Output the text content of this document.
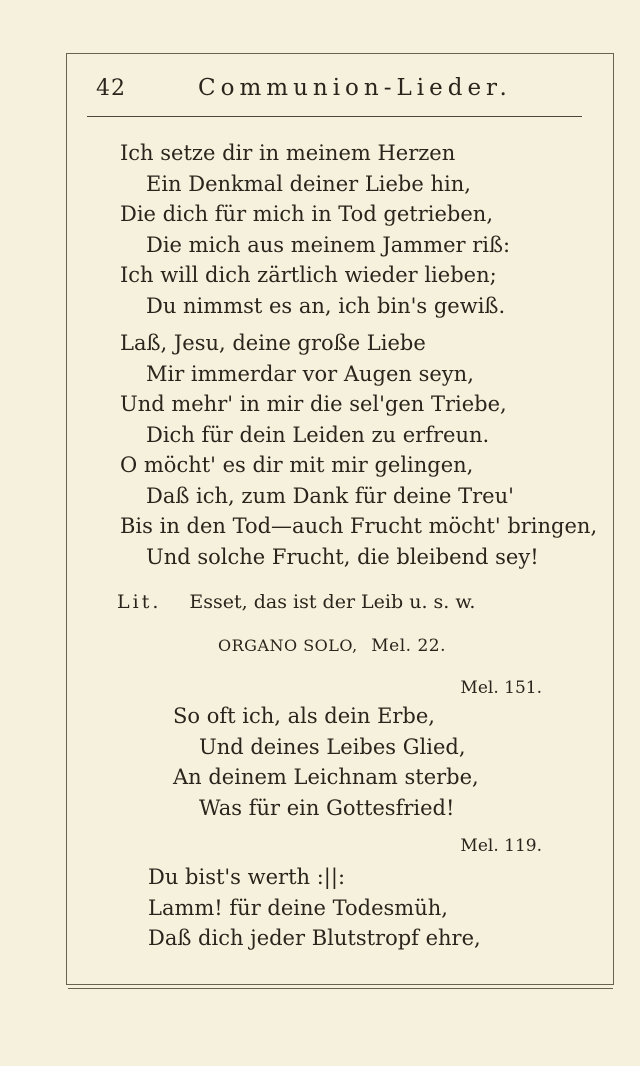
42	Communion-Lieder.
Ich setze dir in meinem Herzen
Ein Denkmal deiner Liebe hin,
Die dich für mich in Tod getrieben,
Die mich aus meinem Jammer riß:
Ich will dich zärtlich wieder lieben;
Du nimmst es an, ich bin's gewiß.
Laß, Jesu, deine große Liebe
Mir immerdar vor Augen seyn,
Und mehr' in mir die sel'gen Triebe,
Dich für dein Leiden zu erfreun.
O möcht' es dir mit mir gelingen,
Daß ich, zum Dank für deine Treu'
Bis in den Tod—auch Frucht möcht' bringen,
Und solche Frucht, die bleibend sey!
Lit. Esset, das ist der Leib u. s. w.
ORGANO SOLO, Mel. 22.
Mel. 151.
So oft ich, als dein Erbe,
Und deines Leibes Glied,
An deinem Leichnam sterbe,
Was für ein Gottesfried!
Mel. 119.
Du bist's werth :||:
Lamm! für deine Todesmüh,
Daß dich jeder Blutstropf ehre,
